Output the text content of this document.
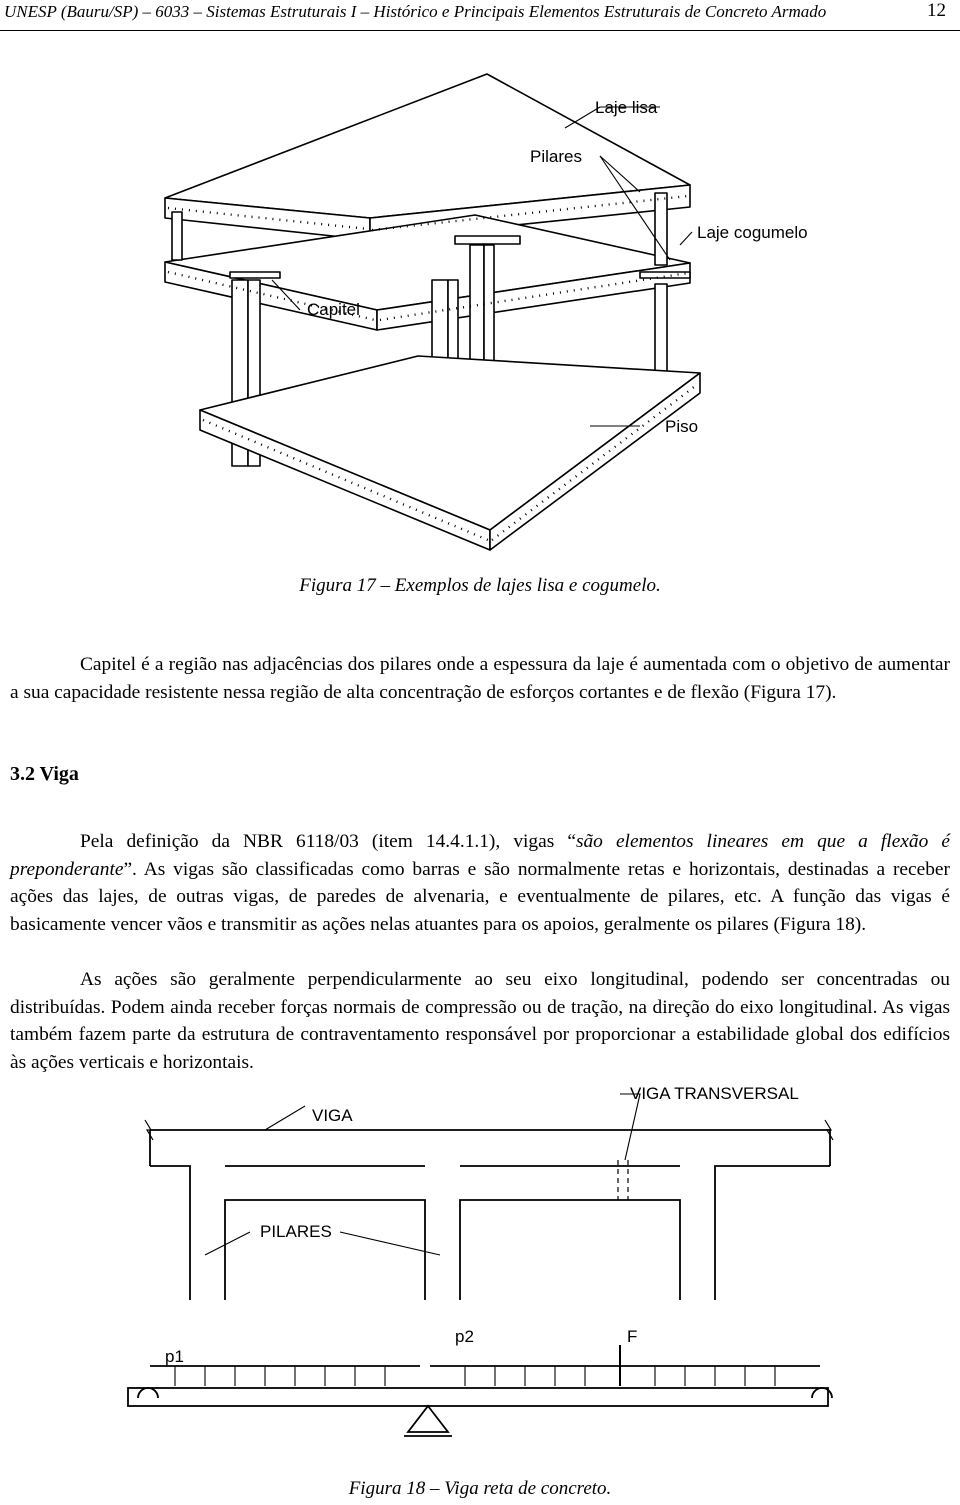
UNESP (Bauru/SP) – 6033 – Sistemas Estruturais I – Histórico e Principais Elementos Estruturais de Concreto Armado	12
Laje lisa
Pilares
Laje cogumelo
Capitel
Piso
Figura 17 – Exemplos de lajes lisa e cogumelo.

Capitel é a região nas adjacências dos pilares onde a espessura da laje é aumentada com o objetivo de aumentar a sua capacidade resistente nessa região de alta concentração de esforços cortantes e de flexão (Figura 17).

3.2 Viga

Pela definição da NBR 6118/03 (item 14.4.1.1), vigas “são elementos lineares em que a flexão é preponderante”. As vigas são classificadas como barras e são normalmente retas e horizontais, destinadas a receber ações das lajes, de outras vigas, de paredes de alvenaria, e eventualmente de pilares, etc. A função das vigas é basicamente vencer vãos e transmitir as ações nelas atuantes para os apoios, geralmente os pilares (Figura 18).

As ações são geralmente perpendicularmente ao seu eixo longitudinal, podendo ser concentradas ou distribuídas. Podem ainda receber forças normais de compressão ou de tração, na direção do eixo longitudinal. As vigas também fazem parte da estrutura de contraventamento responsável por proporcionar a estabilidade global dos edifícios às ações verticais e horizontais.

VIGA
VIGA TRANSVERSAL
PILARES
p1
p2	F
Figura 18 – Viga reta de concreto.
